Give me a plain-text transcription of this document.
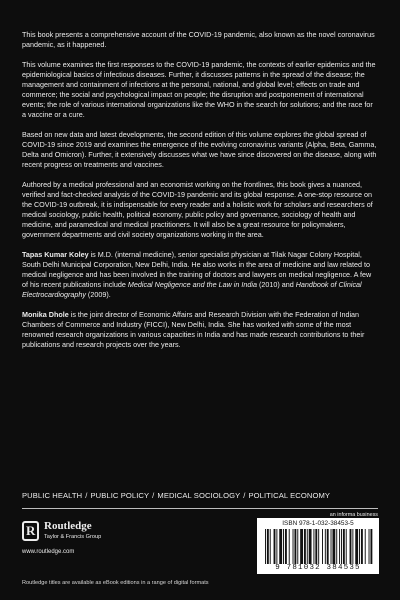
This book presents a comprehensive account of the COVID-19 pandemic, also known as the novel coronavirus pandemic, as it happened.

This volume examines the first responses to the COVID-19 pandemic, the contexts of earlier epidemics and the epidemiological basics of infectious diseases. Further, it discusses patterns in the spread of the disease; the management and containment of infections at the personal, national, and global level; effects on trade and commerce; the social and psychological impact on people; the disruption and postponement of international events; the role of various international organizations like the WHO in the search for solutions; and the race for a vaccine or a cure.

Based on new data and latest developments, the second edition of this volume explores the global spread of COVID-19 since 2019 and examines the emergence of the evolving coronavirus variants (Alpha, Beta, Gamma, Delta and Omicron). Further, it extensively discusses what we have since discovered on the disease, along with recent progress on treatments and vaccines.

Authored by a medical professional and an economist working on the frontlines, this book gives a nuanced, verified and fact-checked analysis of the COVID-19 pandemic and its global response. A one-stop resource on the COVID-19 outbreak, it is indispensable for every reader and a holistic work for scholars and researchers of medical sociology, public health, political economy, public policy and governance, sociology of health and medicine, and paramedical and medical practitioners. It will also be a great resource for policymakers, government departments and civil society organizations working in the area.

Tapas Kumar Koley is M.D. (internal medicine), senior specialist physician at Tilak Nagar Colony Hospital, South Delhi Municipal Corporation, New Delhi, India. He also works in the area of medicine and law related to medical negligence and has been involved in the training of doctors and lawyers on medical negligence. A few of his recent publications include Medical Negligence and the Law in India (2010) and Handbook of Clinical Electrocardiography (2009).

Monika Dhole is the joint director of Economic Affairs and Research Division with the Federation of Indian Chambers of Commerce and Industry (FICCI), New Delhi, India. She has worked with some of the most renowned research organizations in various capacities in India and has made research contributions to their publications and research projects over the years.

PUBLIC HEALTH / PUBLIC POLICY / MEDICAL SOCIOLOGY / POLITICAL ECONOMY
an informa business
R Routledge
Taylor & Francis Group
www.routledge.com
ISBN 978-1-032-38453-5
9 781032 384535
Routledge titles are available as eBook editions in a range of digital formats
